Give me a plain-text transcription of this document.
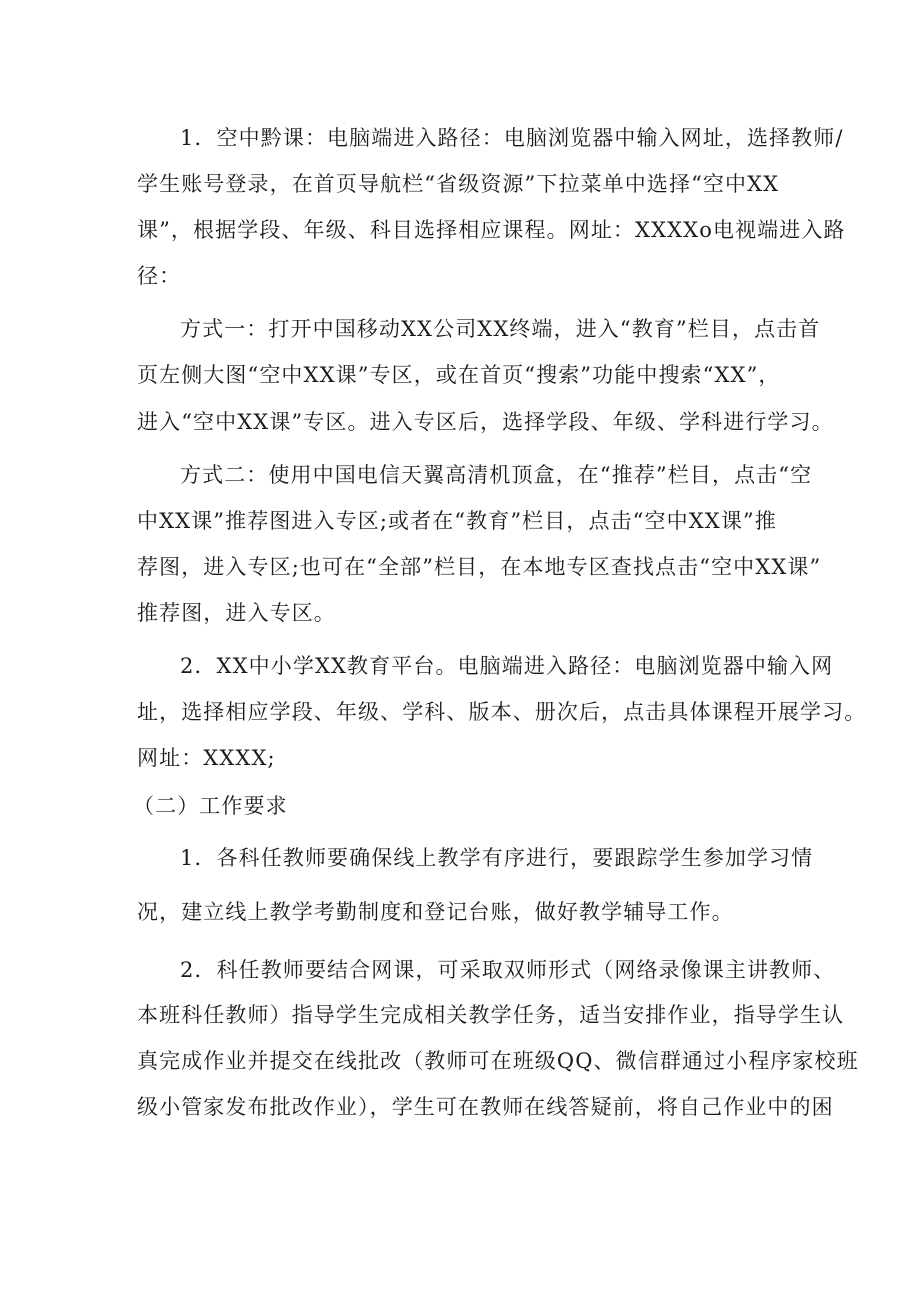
1．空中黔课：电脑端进入路径：电脑浏览器中输入网址，选择教师/
学生账号登录，在首页导航栏“省级资源”下拉菜单中选择“空中XX
课”，根据学段、年级、科目选择相应课程。网址：XXXXo电视端进入路
径：
方式一：打开中国移动XX公司XX终端，进入“教育”栏目，点击首
页左侧大图“空中XX课”专区，或在首页“搜索”功能中搜索“XX”，
进入“空中XX课”专区。进入专区后，选择学段、年级、学科进行学习。
方式二：使用中国电信天翼高清机顶盒，在“推荐”栏目，点击“空
中XX课”推荐图进入专区;或者在“教育”栏目，点击“空中XX课”推
荐图，进入专区;也可在“全部”栏目，在本地专区查找点击“空中XX课”
推荐图，进入专区。
2．XX中小学XX教育平台。电脑端进入路径：电脑浏览器中输入网
址，选择相应学段、年级、学科、版本、册次后，点击具体课程开展学习。
网址：XXXX;
（二）工作要求
1．各科任教师要确保线上教学有序进行，要跟踪学生参加学习情
况，建立线上教学考勤制度和登记台账，做好教学辅导工作。
2．科任教师要结合网课，可采取双师形式（网络录像课主讲教师、
本班科任教师）指导学生完成相关教学任务，适当安排作业，指导学生认
真完成作业并提交在线批改（教师可在班级QQ、微信群通过小程序家校班
级小管家发布批改作业），学生可在教师在线答疑前，将自己作业中的困
